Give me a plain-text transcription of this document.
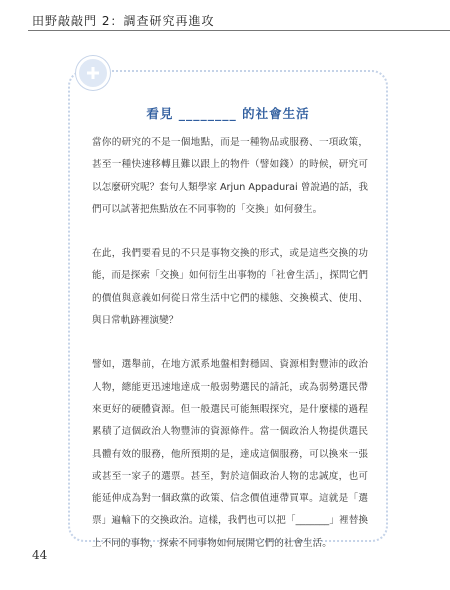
田野敲敲門 2：調查研究再進攻
看見 ________ 的社會生活

當你的研究的不是一個地點，而是一種物品或服務、一項政策，甚至一種快速移轉且難以跟上的物件（譬如錢）的時候，研究可以怎麼研究呢？套句人類學家 Arjun Appadurai 曾說過的話，我們可以試著把焦點放在不同事物的「交換」如何發生。

在此，我們要看見的不只是事物交換的形式，或是這些交換的功能，而是探索「交換」如何衍生出事物的「社會生活」，探問它們的價值與意義如何從日常生活中它們的樣態、交換模式、使用、與日常軌跡裡演變？

譬如，選舉前，在地方派系地盤相對穩固、資源相對豐沛的政治人物，總能更迅速地達成一般弱勢選民的請託，或為弱勢選民帶來更好的硬體資源。但一般選民可能無暇探究，是什麼樣的過程累積了這個政治人物豐沛的資源條件。當一個政治人物提供選民具體有效的服務，他所預期的是，達成這個服務，可以換來一張或甚至一家子的選票。甚至，對於這個政治人物的忠誠度，也可能延伸成為對一個政黨的政策、信念價值連帶買單。這就是「選票」遍輸下的交換政治。這樣，我們也可以把「_______」裡替換上不同的事物，探索不同事物如何展開它們的社會生活。

44
